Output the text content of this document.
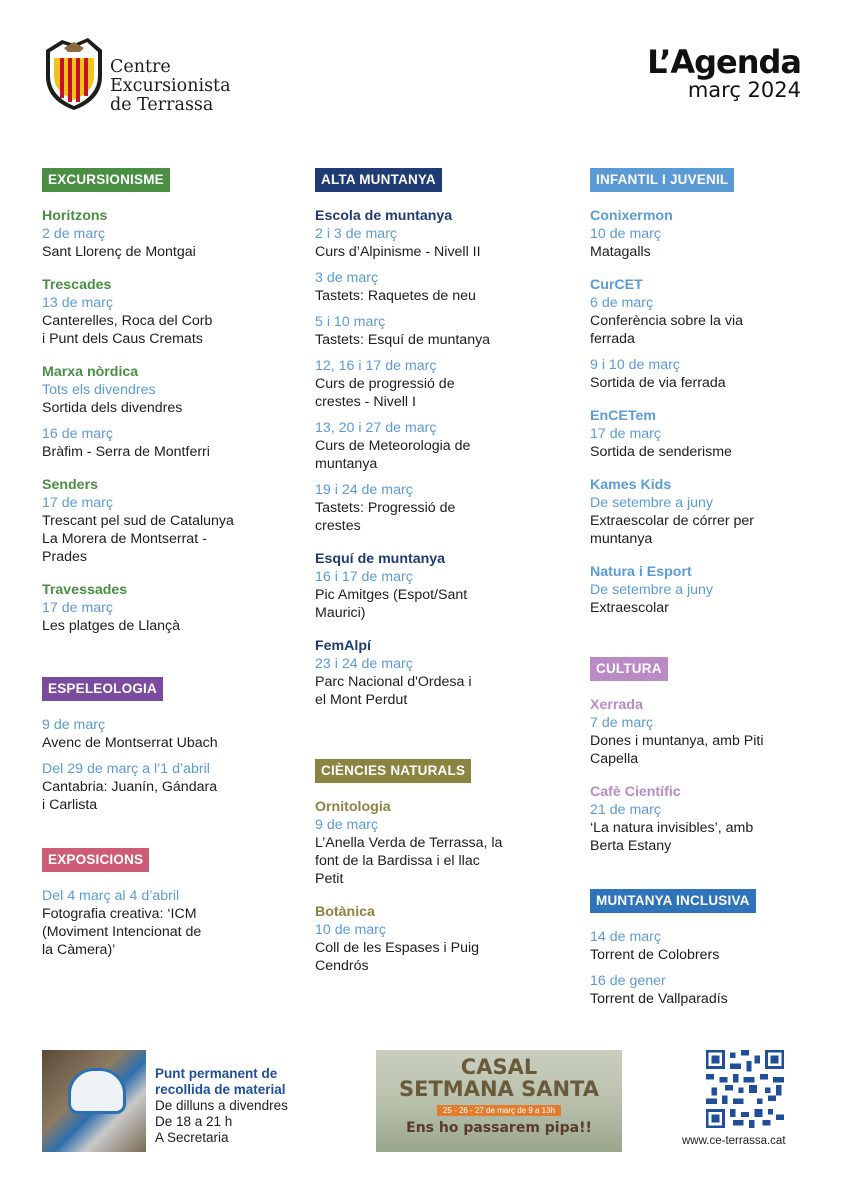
Centre
Excursionista
de Terrassa
L’Agenda
març 2024
EXCURSIONISME
Horitzons
2 de març
Sant Llorenç de Montgai
Trescades
13 de març
Canterelles, Roca del Corb
i Punt dels Caus Cremats
Marxa nòrdica
Tots els divendres
Sortida dels divendres
16 de març
Bràfim - Serra de Montferri
Senders
17 de març
Trescant pel sud de Catalunya
La Morera de Montserrat -
Prades
Travessades
17 de març
Les platges de Llançà
ESPELEOLOGIA
9 de març
Avenc de Montserrat Ubach
Del 29 de març a l’1 d’abril
Cantabria: Juanín, Gándara
i Carlista
EXPOSICIONS
Del 4 març al 4 d’abril
Fotografia creativa: ‘ICM
(Moviment Intencionat de
la Càmera)’
ALTA MUNTANYA
Escola de muntanya
2 i 3 de març
Curs d’Alpinisme - Nivell II
3 de març
Tastets: Raquetes de neu
5 i 10 març
Tastets: Esquí de muntanya
12, 16 i 17 de març
Curs de progressió de
crestes - Nivell I
13, 20 i 27 de març
Curs de Meteorologia de
muntanya
19 i 24 de març
Tastets: Progressió de
crestes
Esquí de muntanya
16 i 17 de març
Pic Amitges (Espot/Sant
Maurici)
FemAlpí
23 i 24 de març
Parc Nacional d'Ordesa i
el Mont Perdut
CIÈNCIES NATURALS
Ornitologia
9 de març
L’Anella Verda de Terrassa, la
font de la Bardissa i el llac
Petit
Botànica
10 de març
Coll de les Espases i Puig
Cendrós
INFANTIL I JUVENIL
Conixermon
10 de març
Matagalls
CurCET
6 de març
Conferència sobre la via
ferrada
9 i 10 de març
Sortida de via ferrada
EnCETem
17 de març
Sortida de senderisme
Kames Kids
De setembre a juny
Extraescolar de córrer per
muntanya
Natura i Esport
De setembre a juny
Extraescolar
CULTURA
Xerrada
7 de març
Dones i muntanya, amb Piti
Capella
Cafè Científic
21 de març
‘La natura invisibles’, amb
Berta Estany
MUNTANYA INCLUSIVA
14 de març
Torrent de Colobrers
16 de gener
Torrent de Vallparadís
Punt permanent de
recollida de material
De dilluns a divendres
De 18 a 21 h
A Secretaria
CASAL
SETMANA SANTA
25 - 26 - 27 de març de 9 a 13h
Ens ho passarem pipa!!
www.ce-terrassa.cat
